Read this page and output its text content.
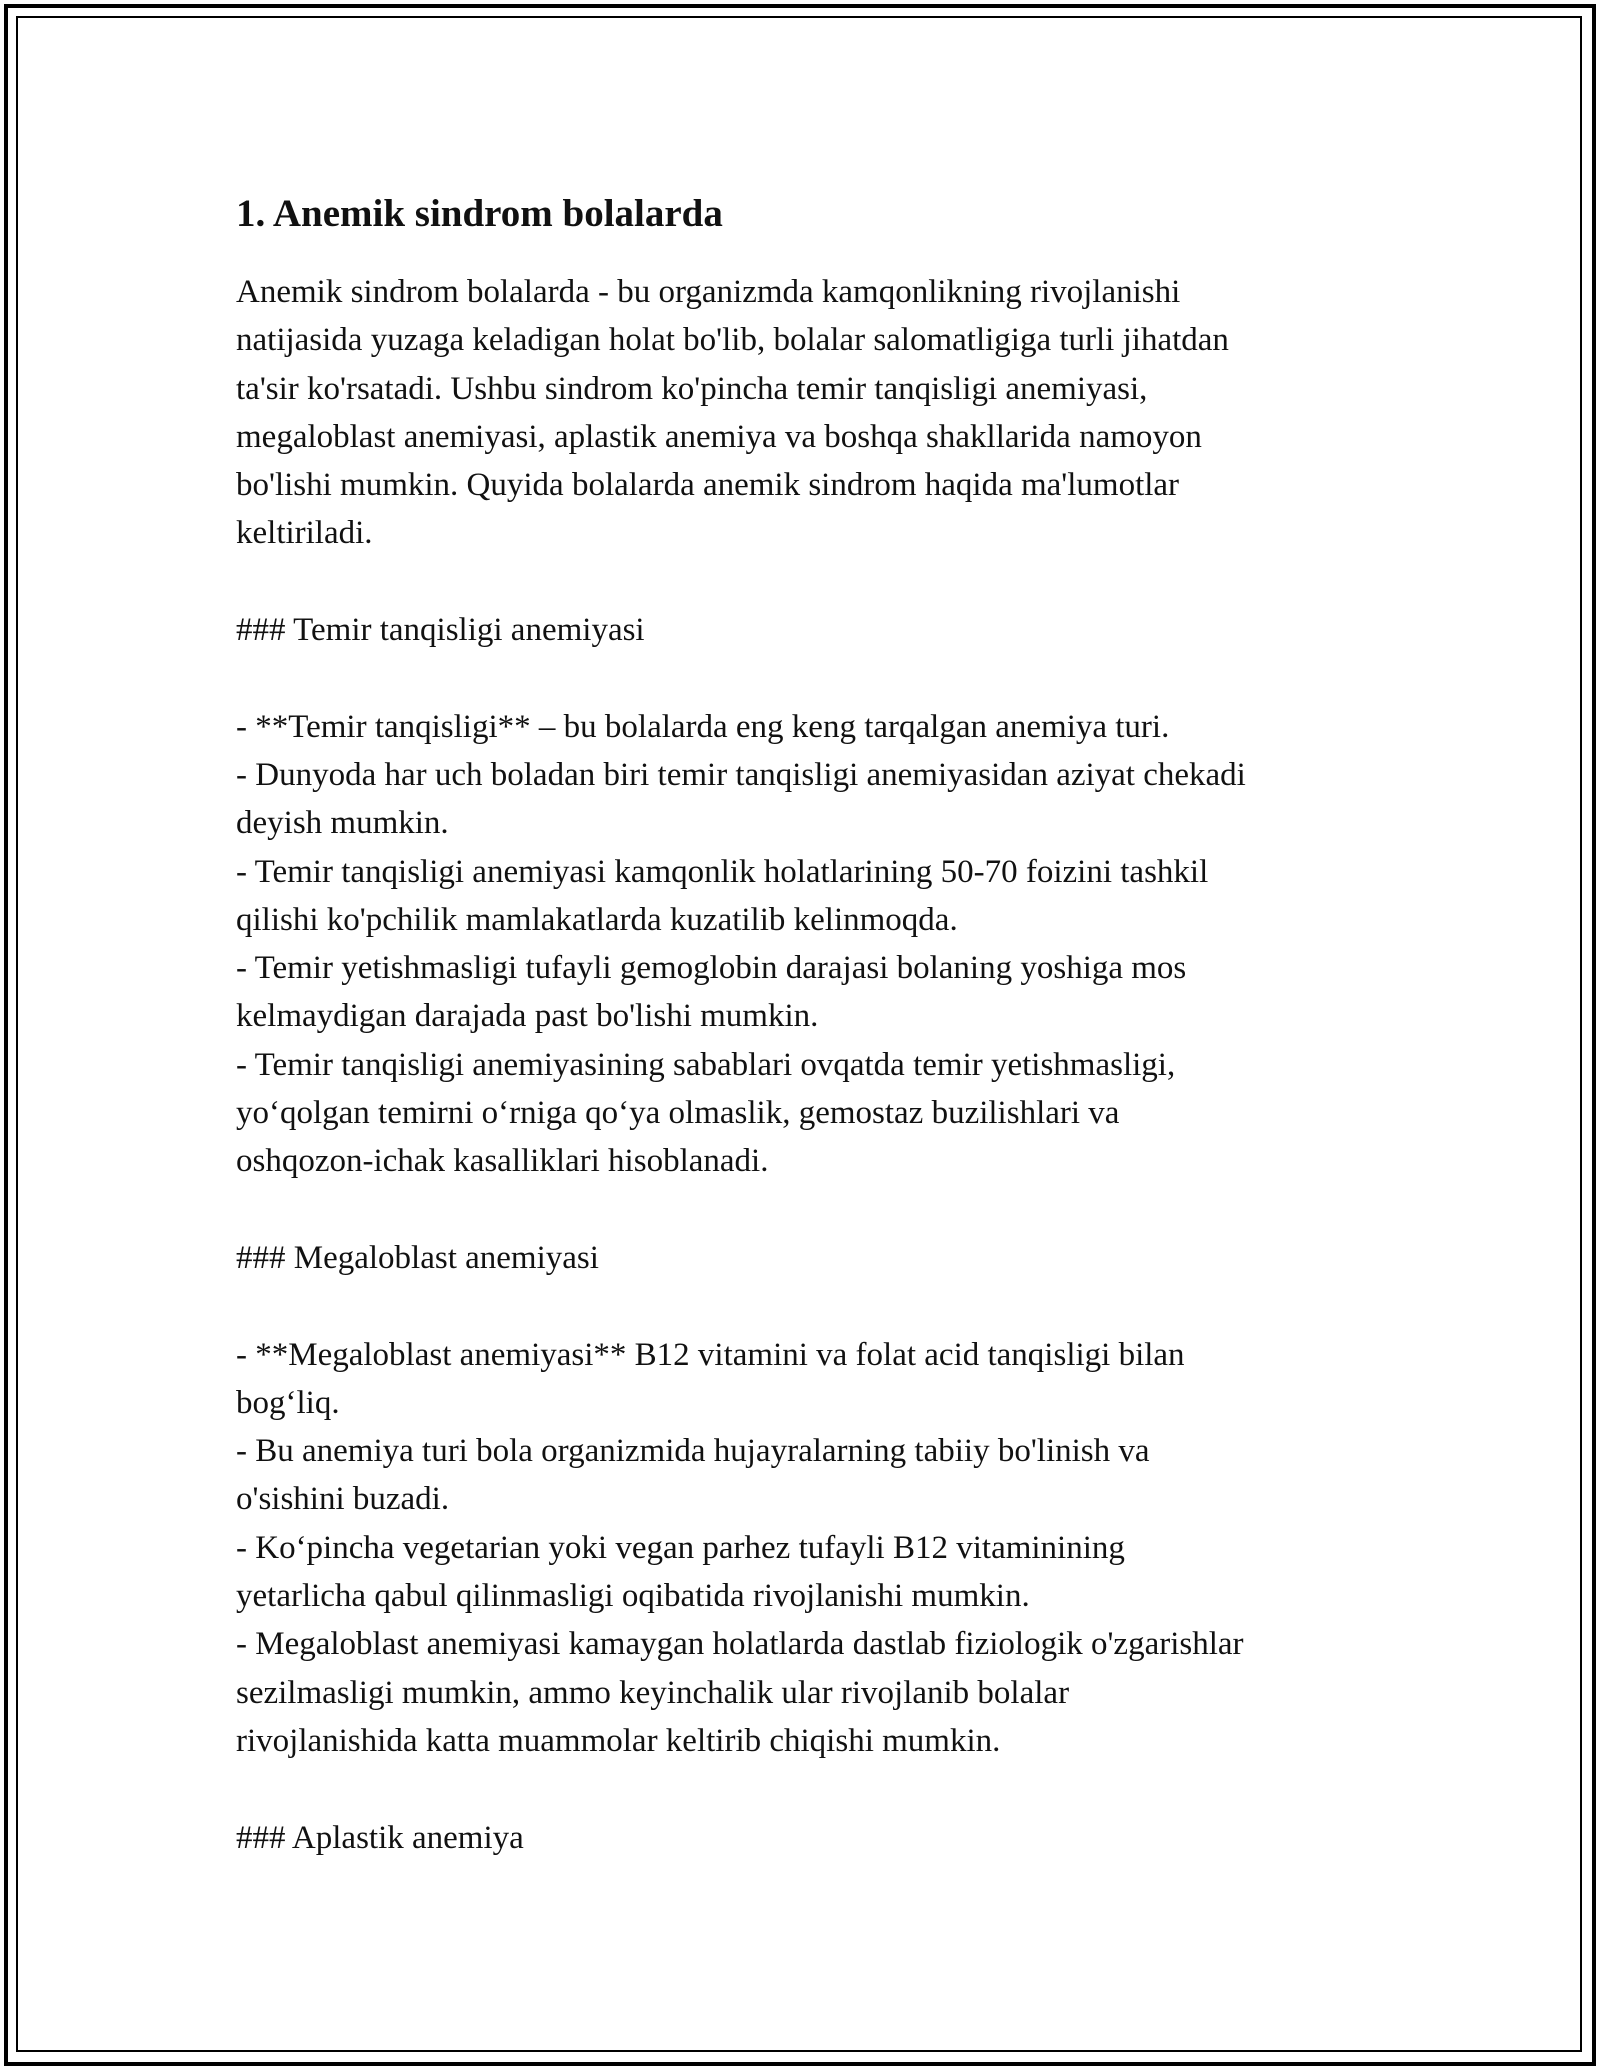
1. Anemik sindrom bolalarda
Anemik sindrom bolalarda - bu organizmda kamqonlikning rivojlanishi
natijasida yuzaga keladigan holat bo'lib, bolalar salomatligiga turli jihatdan
ta'sir ko'rsatadi. Ushbu sindrom ko'pincha temir tanqisligi anemiyasi,
megaloblast anemiyasi, aplastik anemiya va boshqa shakllarida namoyon
bo'lishi mumkin. Quyida bolalarda anemik sindrom haqida ma'lumotlar
keltiriladi.
### Temir tanqisligi anemiyasi
- **Temir tanqisligi** – bu bolalarda eng keng tarqalgan anemiya turi.
- Dunyoda har uch boladan biri temir tanqisligi anemiyasidan aziyat chekadi
deyish mumkin.
- Temir tanqisligi anemiyasi kamqonlik holatlarining 50-70 foizini tashkil
qilishi ko'pchilik mamlakatlarda kuzatilib kelinmoqda.
- Temir yetishmasligi tufayli gemoglobin darajasi bolaning yoshiga mos
kelmaydigan darajada past bo'lishi mumkin.
- Temir tanqisligi anemiyasining sabablari ovqatda temir yetishmasligi,
yo‘qolgan temirni o‘rniga qo‘ya olmaslik, gemostaz buzilishlari va
oshqozon-ichak kasalliklari hisoblanadi.
### Megaloblast anemiyasi
- **Megaloblast anemiyasi** B12 vitamini va folat acid tanqisligi bilan
bog‘liq.
- Bu anemiya turi bola organizmida hujayralarning tabiiy bo'linish va
o'sishini buzadi.
- Ko‘pincha vegetarian yoki vegan parhez tufayli B12 vitaminining
yetarlicha qabul qilinmasligi oqibatida rivojlanishi mumkin.
- Megaloblast anemiyasi kamaygan holatlarda dastlab fiziologik o'zgarishlar
sezilmasligi mumkin, ammo keyinchalik ular rivojlanib bolalar
rivojlanishida katta muammolar keltirib chiqishi mumkin.
### Aplastik anemiya
